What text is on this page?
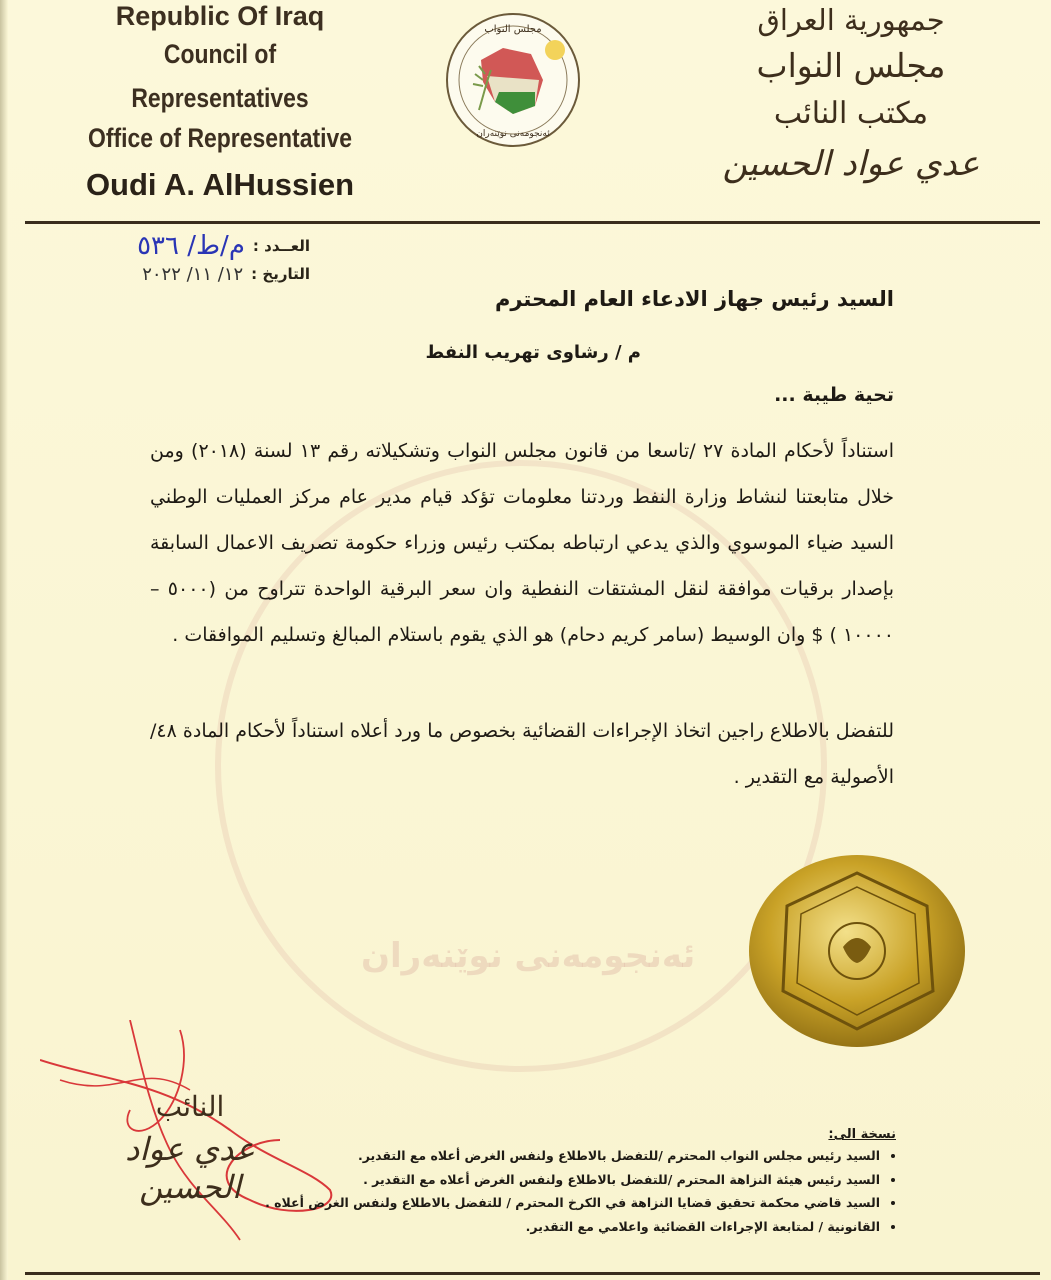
Republic Of Iraq
Council of Representatives
Office of Representative
Oudi A. AlHussien
مجلس النواب
ئەنجومەنی نوێنەران
جمهورية العراق
مجلس النواب
مكتب النائب
عدي عواد الحسين
العــدد :
م/ط/ ٥٣٦
التاريخ :
١٢/ ١١/ ٢٠٢٢
ئەنجومەنی نوێنەران
السيد رئيس جهاز الادعاء العام المحترم
م / رشاوى تهريب النفط
تحية طيبة ...
استناداً لأحكام المادة ٢٧ /تاسعا من قانون مجلس النواب وتشكيلاته رقم ١٣ لسنة (٢٠١٨) ومن خلال متابعتنا لنشاط وزارة النفط وردتنا معلومات تؤكد قيام مدير عام مركز العمليات الوطني السيد ضياء الموسوي والذي يدعي ارتباطه بمكتب رئيس وزراء حكومة تصريف الاعمال السابقة بإصدار برقيات موافقة لنقل المشتقات النفطية وان سعر البرقية الواحدة تتراوح من (٥٠٠٠ – ١٠٠٠٠ ) $ وان الوسيط (سامر كريم دحام) هو الذي يقوم باستلام المبالغ وتسليم الموافقات .
للتفضل بالاطلاع راجين اتخاذ الإجراءات القضائية بخصوص ما ورد أعلاه استناداً لأحكام المادة ٤٨/الأصولية مع التقدير .
النائب
عدي عواد الحسين
نسخة الى:
• السيد رئيس مجلس النواب المحترم /للتفضل بالاطلاع ولنفس الغرض أعلاه مع التقدير.
• السيد رئيس هيئة النزاهة المحترم /للتفضل بالاطلاع ولنفس الغرض أعلاه مع التقدير .
• السيد قاضي محكمة تحقيق قضايا النزاهة في الكرخ المحترم / للتفضل بالاطلاع ولنفس الغرض أعلاه .
• القانونية / لمتابعة الإجراءات القضائية واعلامي مع التقدير.
